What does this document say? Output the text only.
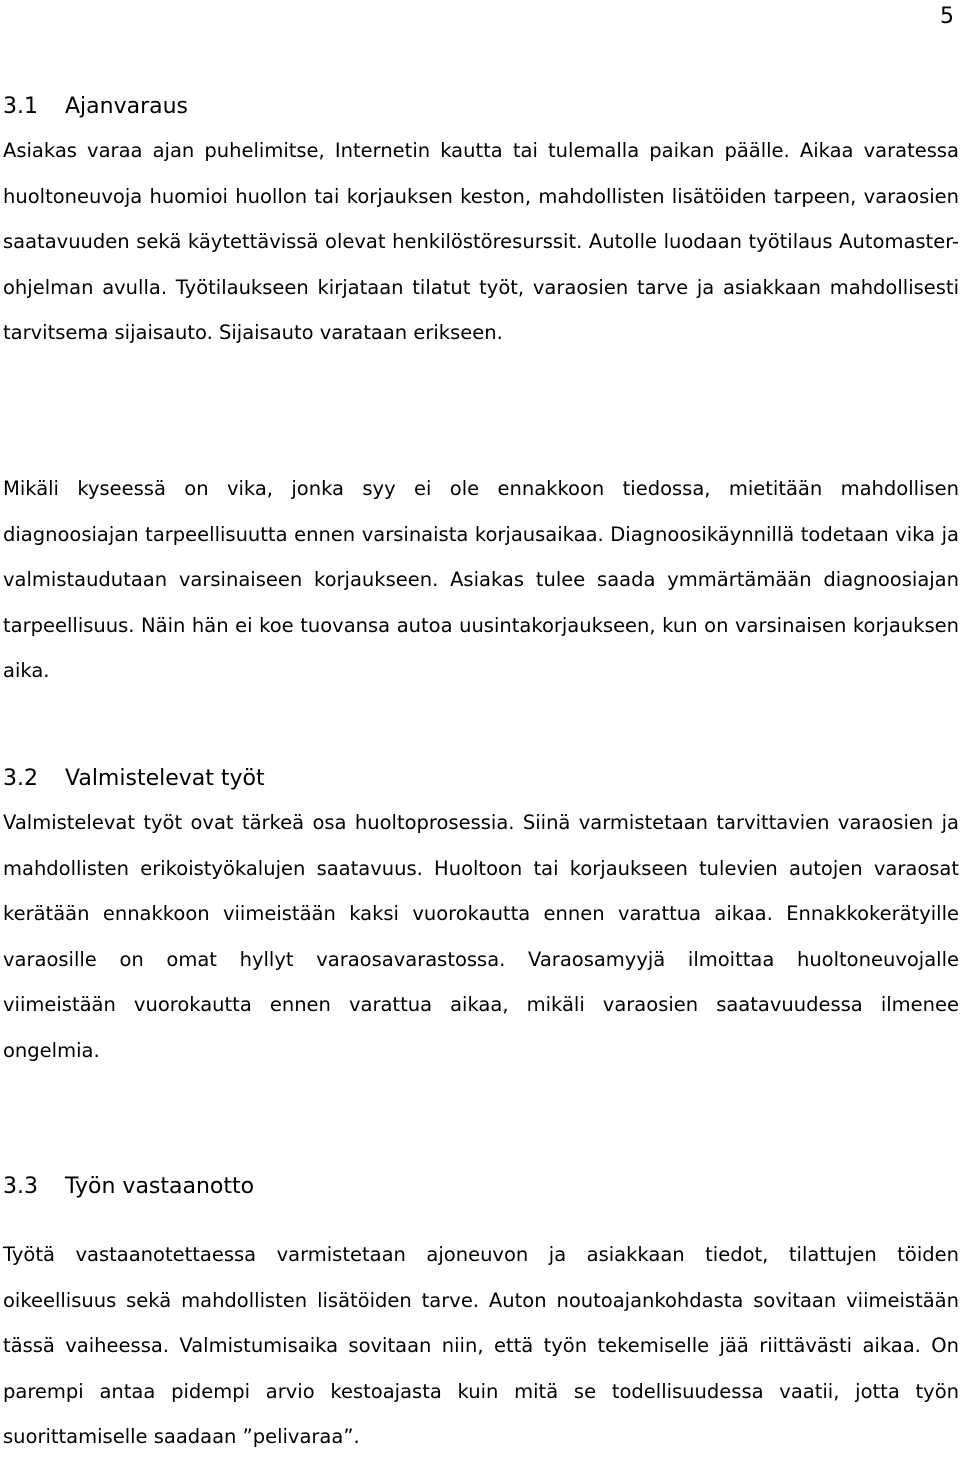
5
3.1 Ajanvaraus

Asiakas varaa ajan puhelimitse, Internetin kautta tai tulemalla paikan päälle. Aikaa varatessa huoltoneuvoja huomioi huollon tai korjauksen keston, mahdollisten lisätöiden tarpeen, varaosien saatavuuden sekä käytettävissä olevat henkilöstöresurssit. Autolle luodaan työtilaus Automaster-ohjelman avulla. Työtilaukseen kirjataan tilatut työt, varaosien tarve ja asiakkaan mahdollisesti tarvitsema sijaisauto. Sijaisauto varataan erikseen.

Mikäli kyseessä on vika, jonka syy ei ole ennakkoon tiedossa, mietitään mahdollisen diagnoosiajan tarpeellisuutta ennen varsinaista korjausaikaa. Diagnoosikäynnillä todetaan vika ja valmistaudutaan varsinaiseen korjaukseen. Asiakas tulee saada ymmärtämään diagnoosiajan tarpeellisuus. Näin hän ei koe tuovansa autoa uusintakorjaukseen, kun on varsinaisen korjauksen aika.

3.2 Valmistelevat työt

Valmistelevat työt ovat tärkeä osa huoltoprosessia. Siinä varmistetaan tarvittavien varaosien ja mahdollisten erikoistyökalujen saatavuus. Huoltoon tai korjaukseen tulevien autojen varaosat kerätään ennakkoon viimeistään kaksi vuorokautta ennen varattua aikaa. Ennakkokerätyille varaosille on omat hyllyt varaosavarastossa. Varaosamyyjä ilmoittaa huoltoneuvojalle viimeistään vuorokautta ennen varattua aikaa, mikäli varaosien saatavuudessa ilmenee ongelmia.

3.3 Työn vastaanotto

Työtä vastaanotettaessa varmistetaan ajoneuvon ja asiakkaan tiedot, tilattujen töiden oikeellisuus sekä mahdollisten lisätöiden tarve. Auton noutoajankohdasta sovitaan viimeistään tässä vaiheessa. Valmistumisaika sovitaan niin, että työn tekemiselle jää riittävästi aikaa. On parempi antaa pidempi arvio kestoajasta kuin mitä se todellisuudessa vaatii, jotta työn suorittamiselle saadaan ”pelivaraa”.
